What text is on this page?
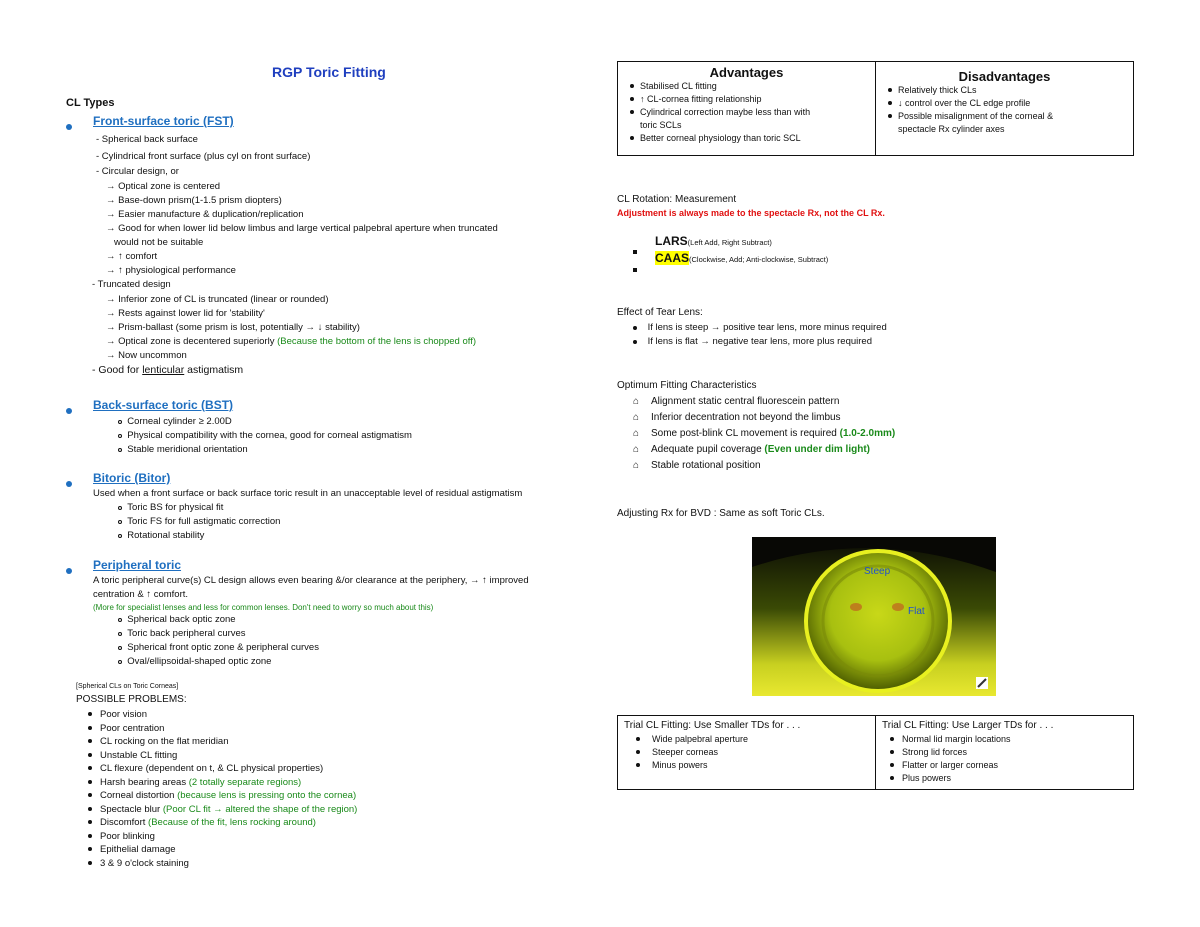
RGP Toric Fitting
CL Types
Front-surface toric (FST)
- Spherical back surface
- Cylindrical front surface (plus cyl on front surface)
- Circular design, or
→ Optical zone is centered
→ Base-down prism(1-1.5 prism diopters)
→ Easier manufacture & duplication/replication
→ Good for when lower lid below limbus and large vertical palpebral aperture when truncated
would not be suitable
→ ↑ comfort
→ ↑ physiological performance
- Truncated design
→ Inferior zone of CL is truncated (linear or rounded)
→ Rests against lower lid for 'stability'
→ Prism-ballast (some prism is lost, potentially → ↓ stability)
→ Optical zone is decentered superiorly (Because the bottom of the lens is chopped off)
→ Now uncommon
- Good for lenticular astigmatism
Back-surface toric (BST)
Corneal cylinder ≥ 2.00D
Physical compatibility with the cornea, good for corneal astigmatism
Stable meridional orientation
Bitoric (Bitor)
Used when a front surface or back surface toric result in an unacceptable level of residual astigmatism
Toric BS for physical fit
Toric FS for full astigmatic correction
Rotational stability
Peripheral toric
A toric peripheral curve(s) CL design allows even bearing &/or clearance at the periphery, → ↑ improved
centration & ↑ comfort.
(More for specialist lenses and less for common lenses. Don't need to worry so much about this)
Spherical back optic zone
Toric back peripheral curves
Spherical front optic zone & peripheral curves
Oval/ellipsoidal-shaped optic zone
[Spherical CLs on Toric Corneas]
POSSIBLE PROBLEMS:
Poor vision
Poor centration
CL rocking on the flat meridian
Unstable CL fitting
CL flexure (dependent on t, & CL physical properties)
Harsh bearing areas (2 totally separate regions)
Corneal distortion (because lens is pressing onto the cornea)
Spectacle blur (Poor CL fit → altered the shape of the region)
Discomfort (Because of the fit, lens rocking around)
Poor blinking
Epithelial damage
3 & 9 o'clock staining
Advantages
Stabilised CL fitting
↑ CL-cornea fitting relationship
Cylindrical correction maybe less than with
toric SCLs
Better corneal physiology than toric SCL

Disadvantages
Relatively thick CLs
↓ control over the CL edge profile
Possible misalignment of the corneal &
spectacle Rx cylinder axes
CL Rotation: Measurement
Adjustment is always made to the spectacle Rx, not the CL Rx.
LARS(Left Add, Right Subtract)
CAAS(Clockwise, Add; Anti-clockwise, Subtract)
Effect of Tear Lens:
If lens is steep → positive tear lens, more minus required
If lens is flat → negative tear lens, more plus required
Optimum Fitting Characteristics
⌂ Alignment static central fluorescein pattern
⌂ Inferior decentration not beyond the limbus
⌂ Some post-blink CL movement is required (1.0-2.0mm)
⌂ Adequate pupil coverage (Even under dim light)
⌂ Stable rotational position
Adjusting Rx for BVD : Same as soft Toric CLs.
Steep
Flat
Trial CL Fitting: Use Smaller TDs for . . .
Wide palpebral aperture
Steeper corneas
Minus powers

Trial CL Fitting: Use Larger TDs for . . .
Normal lid margin locations
Strong lid forces
Flatter or larger corneas
Plus powers
